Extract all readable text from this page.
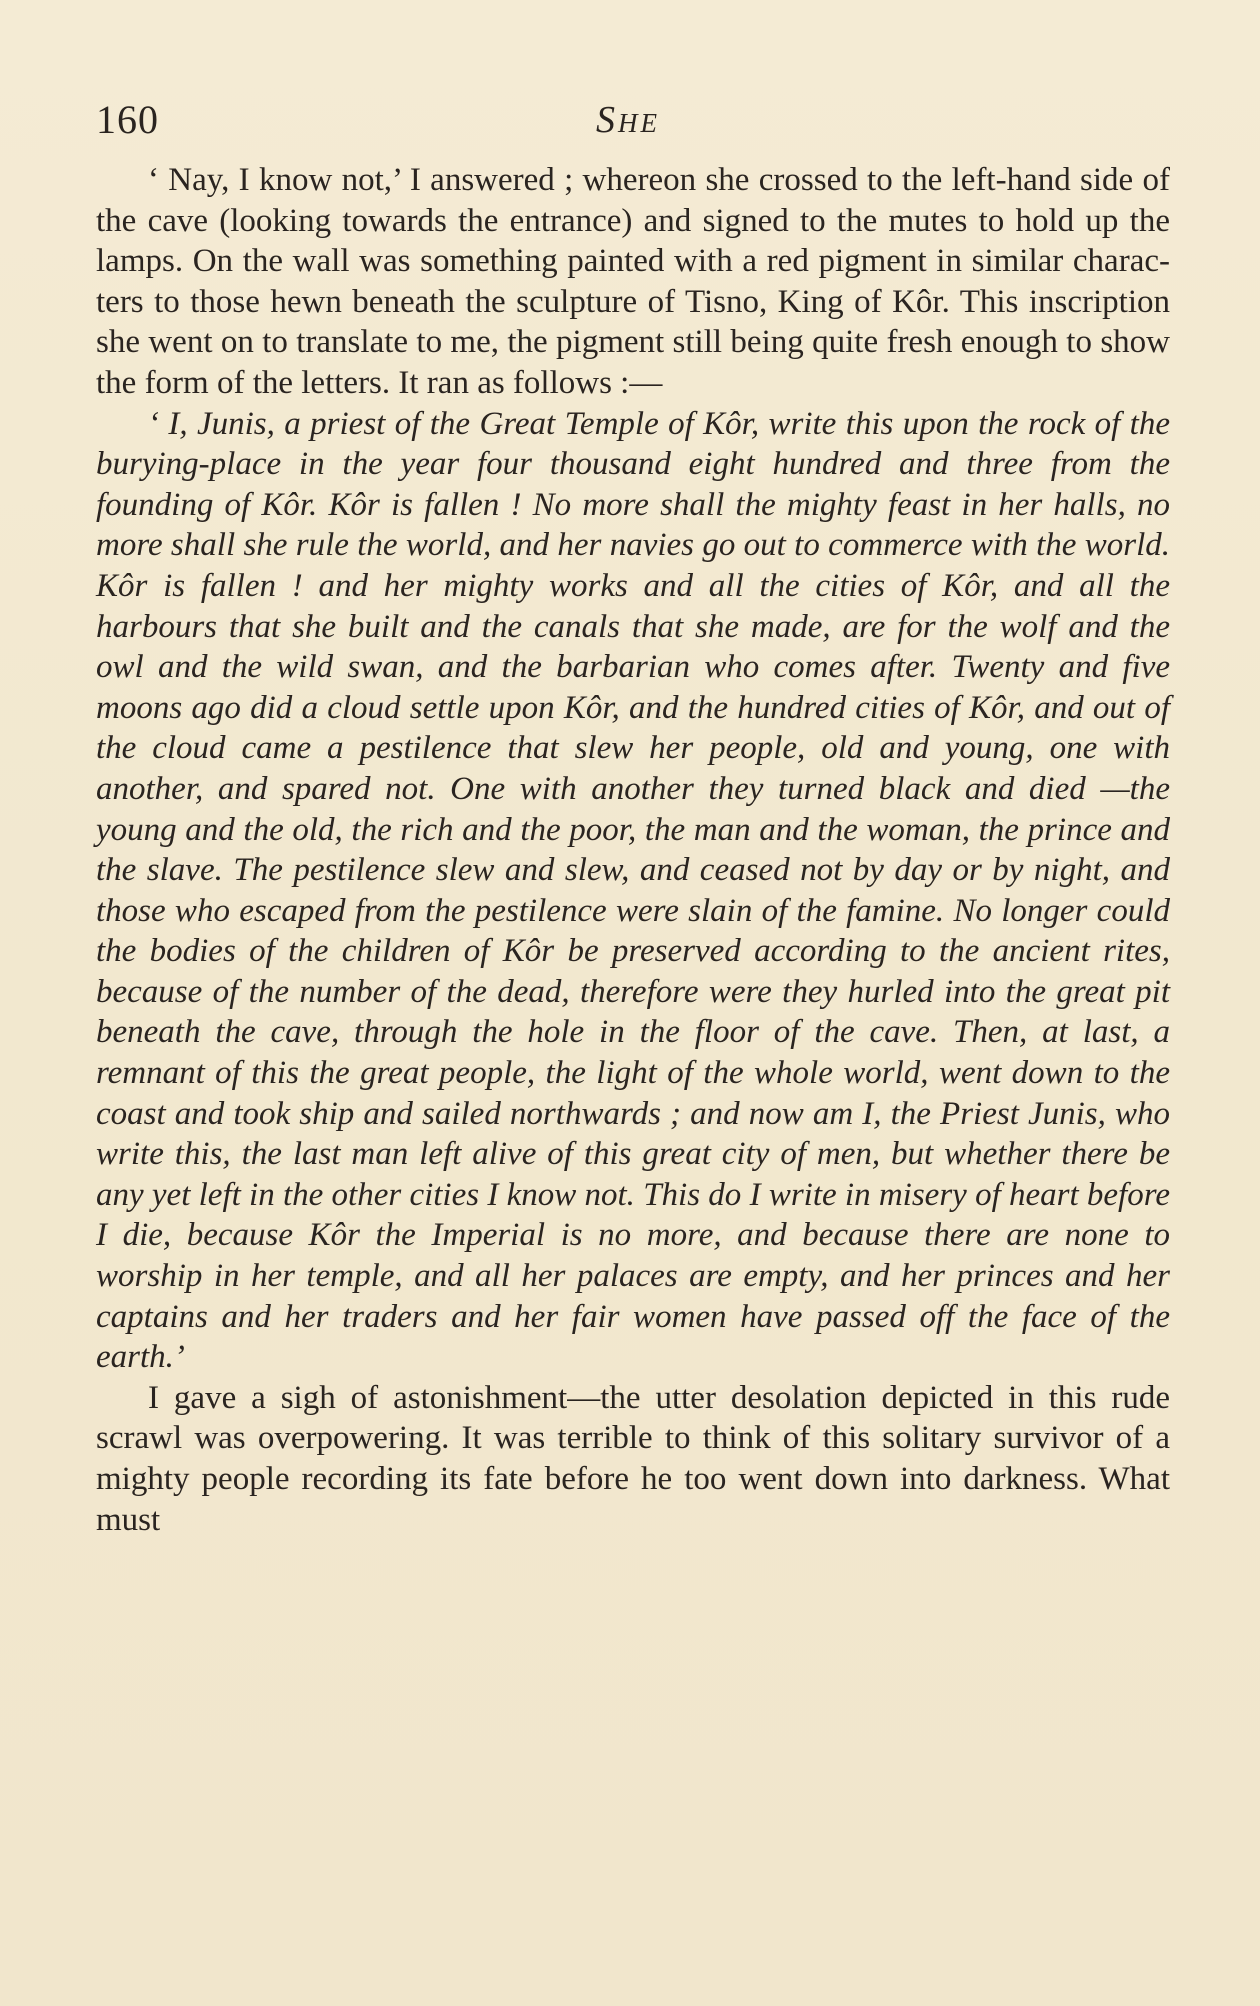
160	She

‘ Nay, I know not,’ I answered ; whereon she crossed to the left-hand side of the cave (looking towards the entrance) and signed to the mutes to hold up the lamps. On the wall was something painted with a red pigment in similar characters to those hewn beneath the sculpture of Tisno, King of Kôr. This inscription she went on to translate to me, the pigment still being quite fresh enough to show the form of the letters. It ran as follows :—

‘ I, Junis, a priest of the Great Temple of Kôr, write this upon the rock of the burying-place in the year four thousand eight hundred and three from the founding of Kôr. Kôr is fallen ! No more shall the mighty feast in her halls, no more shall she rule the world, and her navies go out to commerce with the world. Kôr is fallen ! and her mighty works and all the cities of Kôr, and all the harbours that she built and the canals that she made, are for the wolf and the owl and the wild swan, and the barbarian who comes after. Twenty and five moons ago did a cloud settle upon Kôr, and the hundred cities of Kôr, and out of the cloud came a pestilence that slew her people, old and young, one with another, and spared not. One with another they turned black and died —the young and the old, the rich and the poor, the man and the woman, the prince and the slave. The pestilence slew and slew, and ceased not by day or by night, and those who escaped from the pestilence were slain of the famine. No longer could the bodies of the children of Kôr be preserved according to the ancient rites, because of the number of the dead, therefore were they hurled into the great pit beneath the cave, through the hole in the floor of the cave. Then, at last, a remnant of this the great people, the light of the whole world, went down to the coast and took ship and sailed northwards ; and now am I, the Priest Junis, who write this, the last man left alive of this great city of men, but whether there be any yet left in the other cities I know not. This do I write in misery of heart before I die, because Kôr the Imperial is no more, and because there are none to worship in her temple, and all her palaces are empty, and her princes and her captains and her traders and her fair women have passed off the face of the earth.’

I gave a sigh of astonishment—the utter desolation depicted in this rude scrawl was overpowering. It was terrible to think of this solitary survivor of a mighty people recording its fate before he too went down into darkness. What must
